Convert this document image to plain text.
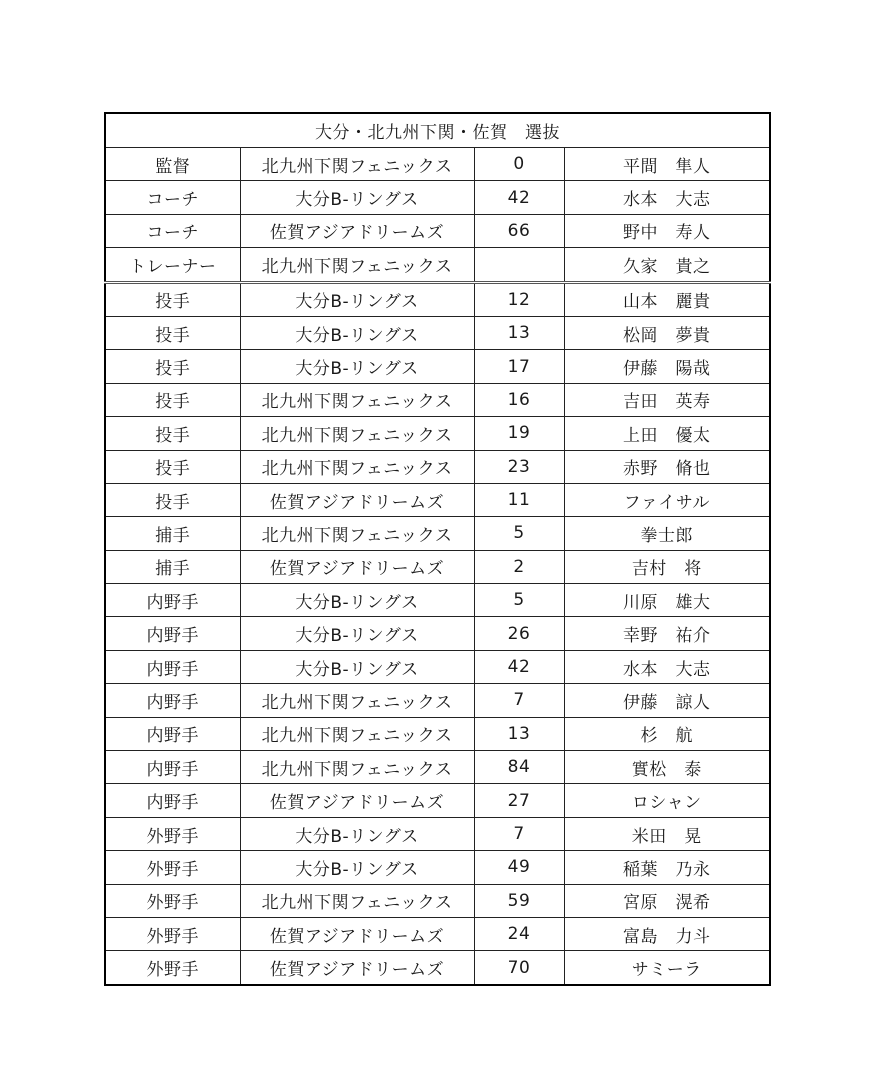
大分・北九州下関・佐賀　選抜			
監督	北九州下関フェニックス	0	平間　隼人
コーチ	大分B-リングス	42	水本　大志
コーチ	佐賀アジアドリームズ	66	野中　寿人
トレーナー	北九州下関フェニックス		久家　貴之
投手	大分B-リングス	12	山本　麗貴
投手	大分B-リングス	13	松岡　夢貴
投手	大分B-リングス	17	伊藤　陽哉
投手	北九州下関フェニックス	16	吉田　英寿
投手	北九州下関フェニックス	19	上田　優太
投手	北九州下関フェニックス	23	赤野　脩也
投手	佐賀アジアドリームズ	11	ファイサル
捕手	北九州下関フェニックス	5	拳士郎
捕手	佐賀アジアドリームズ	2	吉村　将
内野手	大分B-リングス	5	川原　雄大
内野手	大分B-リングス	26	幸野　祐介
内野手	大分B-リングス	42	水本　大志
内野手	北九州下関フェニックス	7	伊藤　諒人
内野手	北九州下関フェニックス	13	杉　航
内野手	北九州下関フェニックス	84	實松　泰
内野手	佐賀アジアドリームズ	27	ロシャン
外野手	大分B-リングス	7	米田　晃
外野手	大分B-リングス	49	稲葉　乃永
外野手	北九州下関フェニックス	59	宮原　滉希
外野手	佐賀アジアドリームズ	24	富島　力斗
外野手	佐賀アジアドリームズ	70	サミーラ
